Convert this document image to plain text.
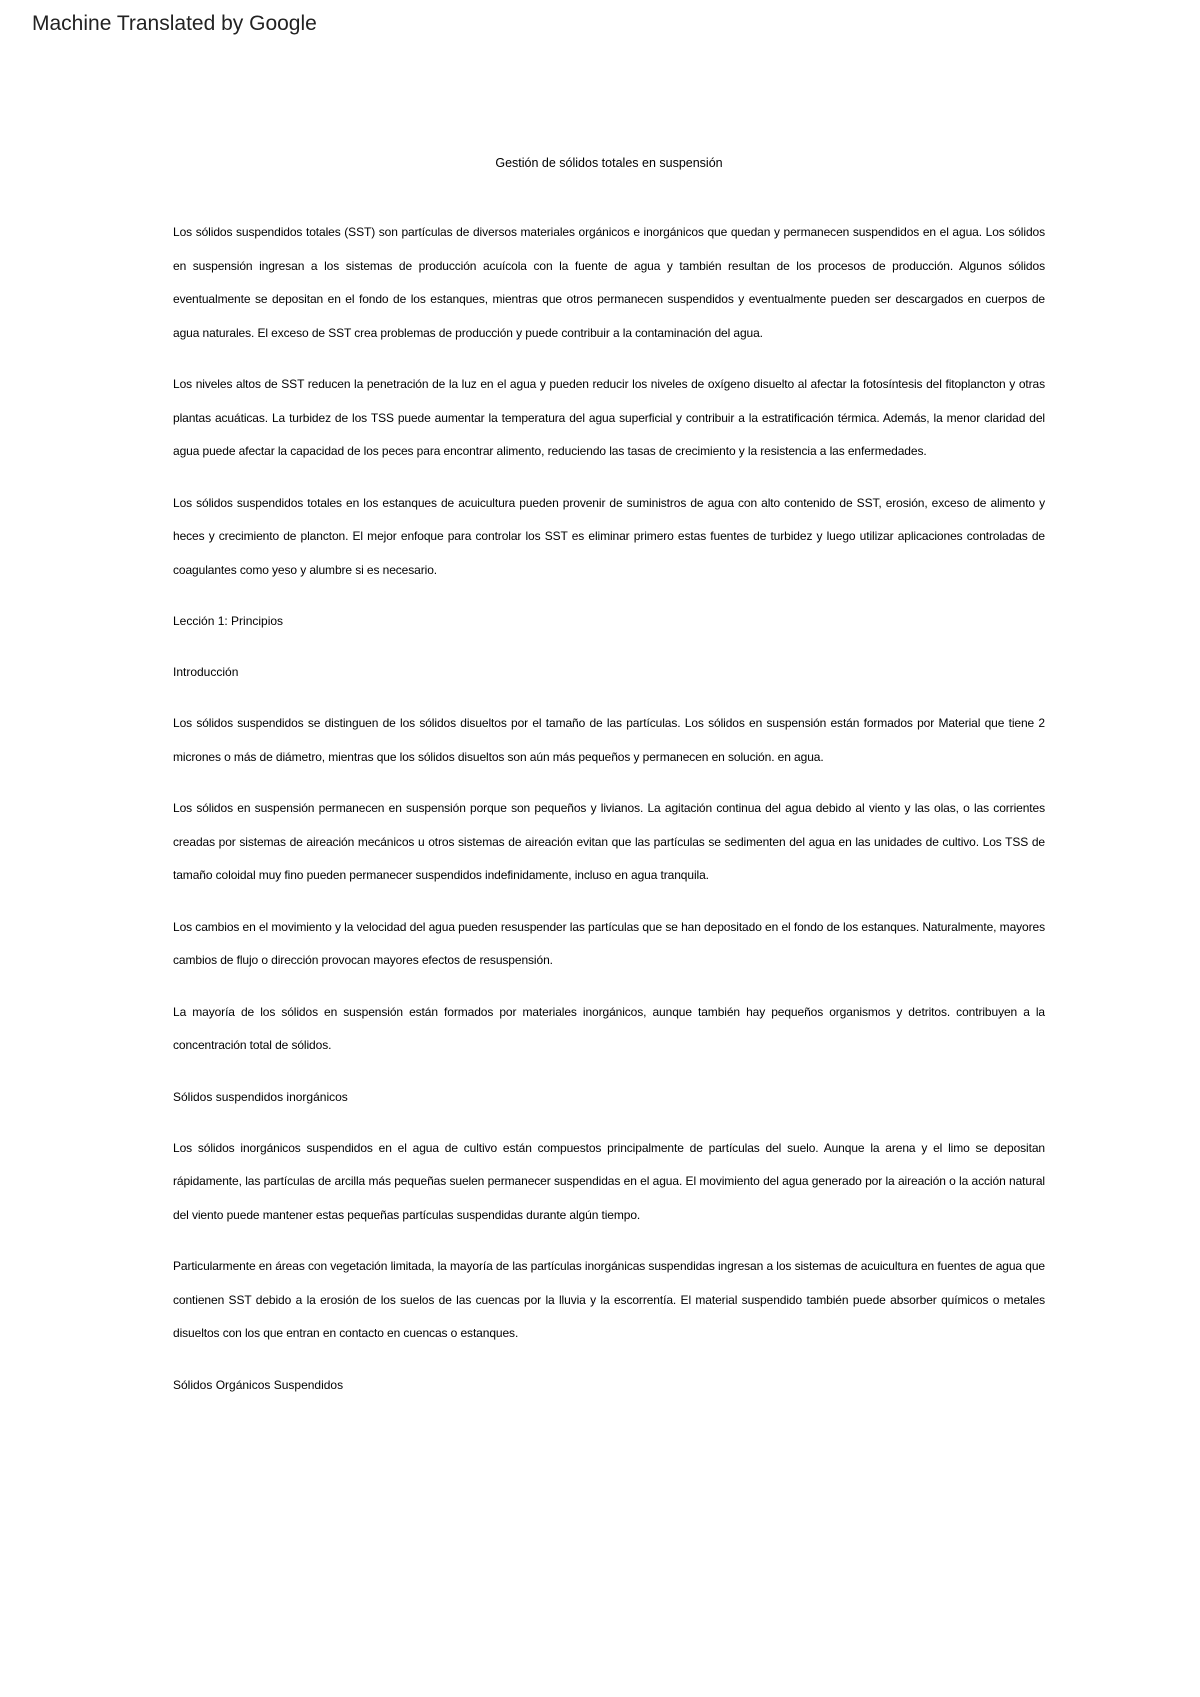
Machine Translated by Google
Gestión de sólidos totales en suspensión

Los sólidos suspendidos totales (SST) son partículas de diversos materiales orgánicos e inorgánicos que quedan y permanecen suspendidos en el agua. Los sólidos en suspensión ingresan a los sistemas de producción acuícola con la fuente de agua y también resultan de los procesos de producción. Algunos sólidos eventualmente se depositan en el fondo de los estanques, mientras que otros permanecen suspendidos y eventualmente pueden ser descargados en cuerpos de agua naturales. El exceso de SST crea problemas de producción y puede contribuir a la contaminación del agua.

Los niveles altos de SST reducen la penetración de la luz en el agua y pueden reducir los niveles de oxígeno disuelto al afectar la fotosíntesis del fitoplancton y otras plantas acuáticas. La turbidez de los TSS puede aumentar la temperatura del agua superficial y contribuir a la estratificación térmica. Además, la menor claridad del agua puede afectar la capacidad de los peces para encontrar alimento, reduciendo las tasas de crecimiento y la resistencia a las enfermedades.

Los sólidos suspendidos totales en los estanques de acuicultura pueden provenir de suministros de agua con alto contenido de SST, erosión, exceso de alimento y heces y crecimiento de plancton. El mejor enfoque para controlar los SST es eliminar primero estas fuentes de turbidez y luego utilizar aplicaciones controladas de coagulantes como yeso y alumbre si es necesario.

Lección 1: Principios
Introducción

Los sólidos suspendidos se distinguen de los sólidos disueltos por el tamaño de las partículas. Los sólidos en suspensión están formados por Material que tiene 2 micrones o más de diámetro, mientras que los sólidos disueltos son aún más pequeños y permanecen en solución. en agua.

Los sólidos en suspensión permanecen en suspensión porque son pequeños y livianos. La agitación continua del agua debido al viento y las olas, o las corrientes creadas por sistemas de aireación mecánicos u otros sistemas de aireación evitan que las partículas se sedimenten del agua en las unidades de cultivo. Los TSS de tamaño coloidal muy fino pueden permanecer suspendidos indefinidamente, incluso en agua tranquila.

Los cambios en el movimiento y la velocidad del agua pueden resuspender las partículas que se han depositado en el fondo de los estanques. Naturalmente, mayores cambios de flujo o dirección provocan mayores efectos de resuspensión.

La mayoría de los sólidos en suspensión están formados por materiales inorgánicos, aunque también hay pequeños organismos y detritos. contribuyen a la concentración total de sólidos.

Sólidos suspendidos inorgánicos

Los sólidos inorgánicos suspendidos en el agua de cultivo están compuestos principalmente de partículas del suelo. Aunque la arena y el limo se depositan rápidamente, las partículas de arcilla más pequeñas suelen permanecer suspendidas en el agua. El movimiento del agua generado por la aireación o la acción natural del viento puede mantener estas pequeñas partículas suspendidas durante algún tiempo.

Particularmente en áreas con vegetación limitada, la mayoría de las partículas inorgánicas suspendidas ingresan a los sistemas de acuicultura en fuentes de agua que contienen SST debido a la erosión de los suelos de las cuencas por la lluvia y la escorrentía. El material suspendido también puede absorber químicos o metales disueltos con los que entran en contacto en cuencas o estanques.

Sólidos Orgánicos Suspendidos
